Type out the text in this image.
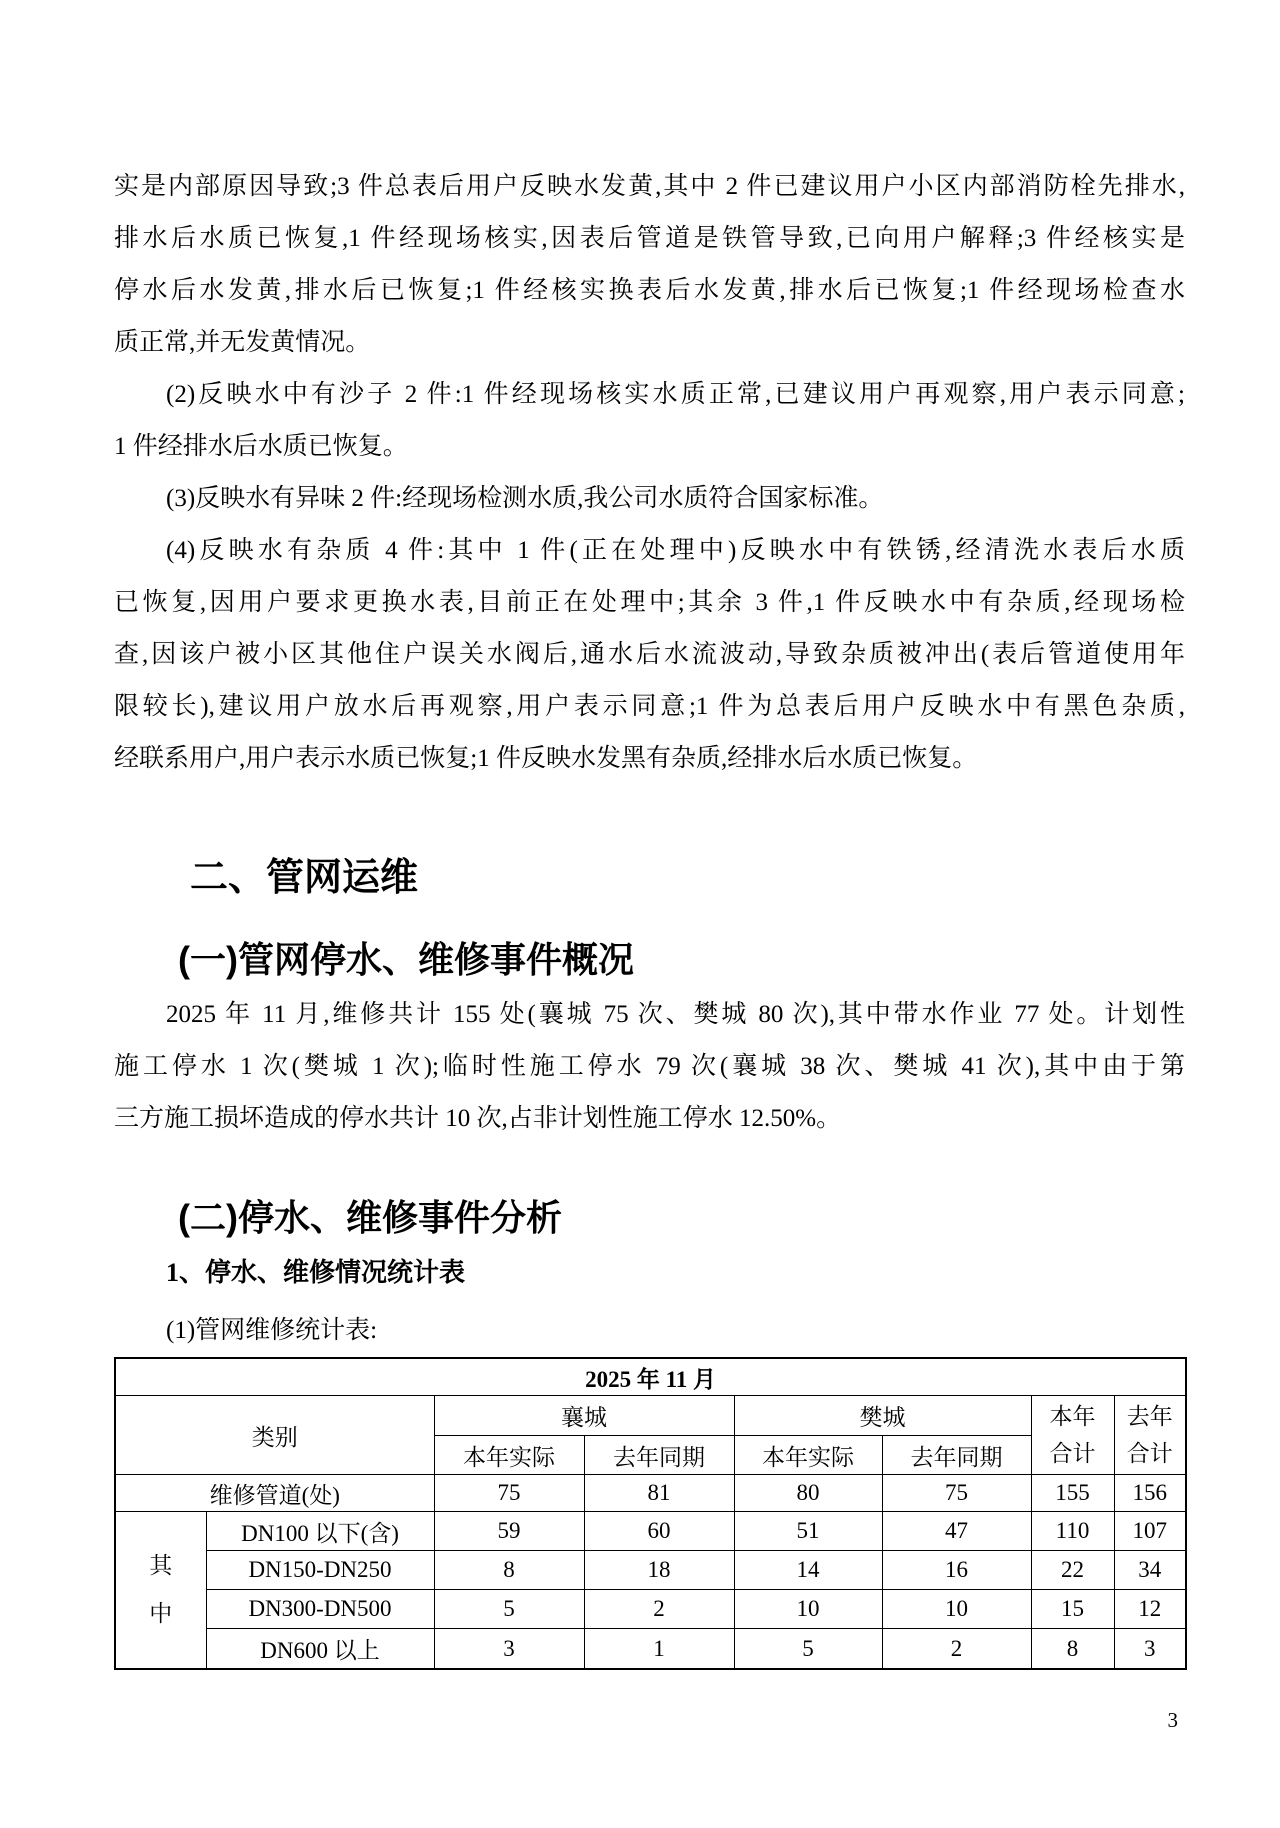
实是内部原因导致;3 件总表后用户反映水发黄,其中 2 件已建议用户小区内部消防栓先排水,
排水后水质已恢复,1 件经现场核实,因表后管道是铁管导致,已向用户解释;3 件经核实是
停水后水发黄,排水后已恢复;1 件经核实换表后水发黄,排水后已恢复;1 件经现场检查水
质正常,并无发黄情况。
(2)反映水中有沙子 2 件:1 件经现场核实水质正常,已建议用户再观察,用户表示同意;
1 件经排水后水质已恢复。
(3)反映水有异味 2 件:经现场检测水质,我公司水质符合国家标准。
(4)反映水有杂质 4 件:其中 1 件(正在处理中)反映水中有铁锈,经清洗水表后水质
已恢复,因用户要求更换水表,目前正在处理中;其余 3 件,1 件反映水中有杂质,经现场检
查,因该户被小区其他住户误关水阀后,通水后水流波动,导致杂质被冲出(表后管道使用年
限较长),建议用户放水后再观察,用户表示同意;1 件为总表后用户反映水中有黑色杂质,
经联系用户,用户表示水质已恢复;1 件反映水发黑有杂质,经排水后水质已恢复。
二、管网运维
(一)管网停水、维修事件概况
2025 年 11 月,维修共计 155 处(襄城 75 次、樊城 80 次),其中带水作业 77 处。计划性
施工停水 1 次(樊城 1 次);临时性施工停水 79 次(襄城 38 次、樊城 41 次),其中由于第
三方施工损坏造成的停水共计 10 次,占非计划性施工停水 12.50%。
(二)停水、维修事件分析
1、停水、维修情况统计表
(1)管网维修统计表:
2025 年 11 月							
类别		襄城		樊城		本年合计	去年合计
		本年实际	去年同期	本年实际	去年同期		
维修管道(处)		75	81	80	75	155	156
其中	DN100 以下(含)	59	60	51	47	110	107
	DN150-DN250	8	18	14	16	22	34
	DN300-DN500	5	2	10	10	15	12
	DN600 以上	3	1	5	2	8	3
3
